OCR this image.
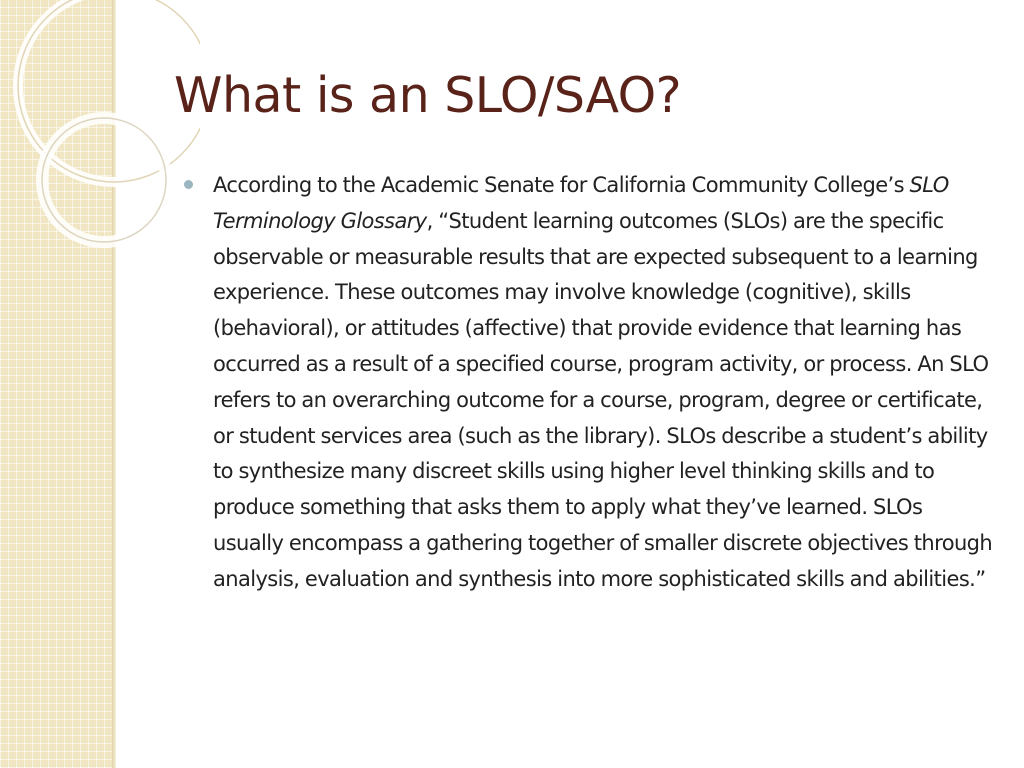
What is an SLO/SAO?
According to the Academic Senate for California Community College’s SLO Terminology Glossary, “Student learning outcomes (SLOs) are the specific observable or measurable results that are expected subsequent to a learning experience. These outcomes may involve knowledge (cognitive), skills (behavioral), or attitudes (affective) that provide evidence that learning has occurred as a result of a specified course, program activity, or process. An SLO refers to an overarching outcome for a course, program, degree or certificate, or student services area (such as the library). SLOs describe a student’s ability to synthesize many discreet skills using higher level thinking skills and to produce something that asks them to apply what they’ve learned. SLOs usually encompass a gathering together of smaller discrete objectives through analysis, evaluation and synthesis into more sophisticated skills and abilities.”
